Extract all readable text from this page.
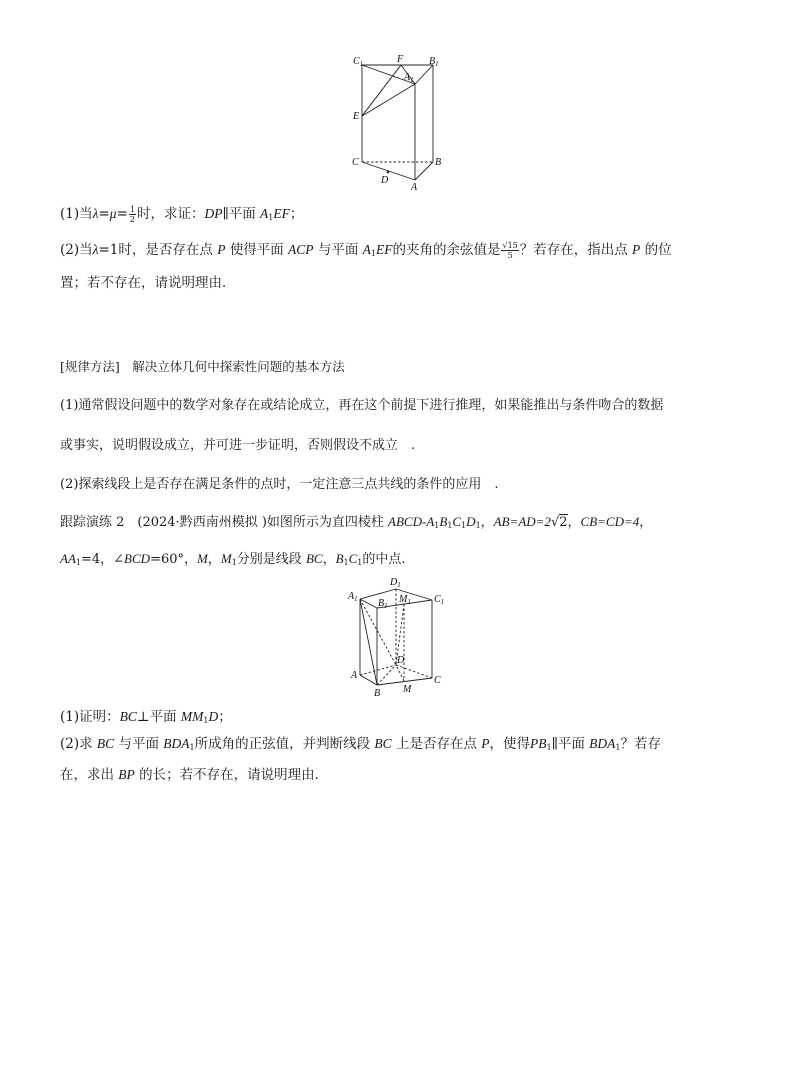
$C_1$	F	$B_1$
$A_1$
E
C	B
D
A
(1)当$\lambda=\mu= \frac{1}{2}$ 时，求证：DP∥平面 $A_1EF$；
(2)当λ=1时，是否存在点 P 使得平面 ACP 与平面 $A_1EF$的夹角的余弦值是 $\frac{√15}{5}$ ？若存在，指出点 P 的位
置；若不存在，请说明理由．
[规律方法]　解决立体几何中探索性问题的基本方法
(1)通常假设问题中的数学对象存在或结论成立，再在这个前提下进行推理，如果能推出与条件吻合的数据
或事实，说明假设成立，并可进一步证明，否则假设不成立　.
(2)探索线段上是否存在满足条件的点时，一定注意三点共线的条件的应用　.
跟踪演练 2　(2024·黔西南州模拟 )如图所示为直四棱柱 ABCD-$A_1B_1C_1D_1$，AB=AD=2√2，CB=CD=4，
$AA_1=4$，∠BCD=60°，M，$M_1$分别是线段 BC，$B_1C_1$的中点.
$D_1$
$A_1$ $B_1$
$M_1$ $C_1$
D
A
B M
C
(1)证明：BC⊥平面 $MM_1D$；
(2)求 BC 与平面 $BDA_1$所成角的正弦值，并判断线段 BC 上是否存在点 P，使得$PB_1\parallel$平面 $BDA_1$？若存
在，求出 BP 的长；若不存在，请说明理由．
